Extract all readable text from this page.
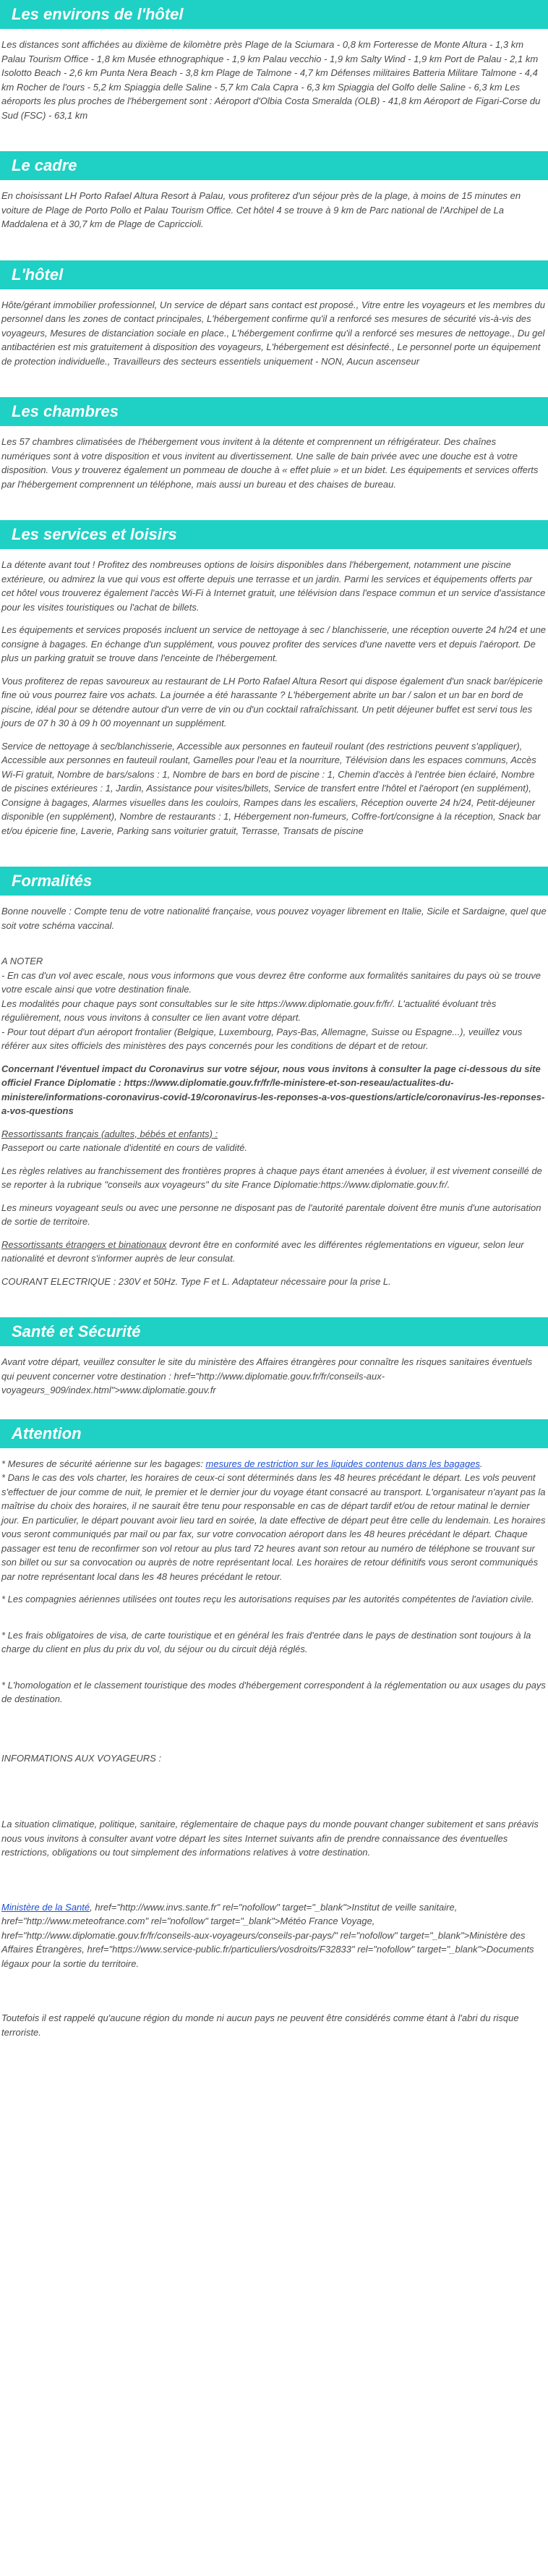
Les environs de l'hôtel

Les distances sont affichées au dixième de kilomètre près Plage de la Sciumara - 0,8 km Forteresse de Monte Altura - 1,3 km Palau Tourism Office - 1,8 km Musée ethnographique - 1,9 km Palau vecchio - 1,9 km Salty Wind - 1,9 km Port de Palau - 2,1 km Isolotto Beach - 2,6 km Punta Nera Beach - 3,8 km Plage de Talmone - 4,7 km Défenses militaires Batteria Militare Talmone - 4,4 km Rocher de l'ours - 5,2 km Spiaggia delle Saline - 5,7 km Cala Capra - 6,3 km Spiaggia del Golfo delle Saline - 6,3 km Les aéroports les plus proches de l'hébergement sont : Aéroport d'Olbia Costa Smeralda (OLB) - 41,8 km Aéroport de Figari-Corse du Sud (FSC) - 63,1 km

Le cadre

En choisissant LH Porto Rafael Altura Resort à Palau, vous profiterez d'un séjour près de la plage, à moins de 15 minutes en voiture de Plage de Porto Pollo et Palau Tourism Office. Cet hôtel 4 se trouve à 9 km de Parc national de l'Archipel de La Maddalena et à 30,7 km de Plage de Capriccioli.

L'hôtel

Hôte/gérant immobilier professionnel, Un service de départ sans contact est proposé., Vitre entre les voyageurs et les membres du personnel dans les zones de contact principales, L'hébergement confirme qu'il a renforcé ses mesures de sécurité vis-à-vis des voyageurs, Mesures de distanciation sociale en place., L'hébergement confirme qu'il a renforcé ses mesures de nettoyage., Du gel antibactérien est mis gratuitement à disposition des voyageurs, L'hébergement est désinfecté., Le personnel porte un équipement de protection individuelle., Travailleurs des secteurs essentiels uniquement - NON, Aucun ascenseur

Les chambres

Les 57 chambres climatisées de l'hébergement vous invitent à la détente et comprennent un réfrigérateur. Des chaînes numériques sont à votre disposition et vous invitent au divertissement. Une salle de bain privée avec une douche est à votre disposition. Vous y trouverez également un pommeau de douche à « effet pluie » et un bidet. Les équipements et services offerts par l'hébergement comprennent un téléphone, mais aussi un bureau et des chaises de bureau.

Les services et loisirs

La détente avant tout ! Profitez des nombreuses options de loisirs disponibles dans l'hébergement, notamment une piscine extérieure, ou admirez la vue qui vous est offerte depuis une terrasse et un jardin. Parmi les services et équipements offerts par cet hôtel vous trouverez également l'accès Wi-Fi à Internet gratuit, une télévision dans l'espace commun et un service d'assistance pour les visites touristiques ou l'achat de billets.

Les équipements et services proposés incluent un service de nettoyage à sec / blanchisserie, une réception ouverte 24 h/24 et une consigne à bagages. En échange d'un supplément, vous pouvez profiter des services d'une navette vers et depuis l'aéroport. De plus un parking gratuit se trouve dans l'enceinte de l'hébergement.

Vous profiterez de repas savoureux au restaurant de LH Porto Rafael Altura Resort qui dispose également d'un snack bar/épicerie fine où vous pourrez faire vos achats. La journée a été harassante ? L'hébergement abrite un bar / salon et un bar en bord de piscine, idéal pour se détendre autour d'un verre de vin ou d'un cocktail rafraîchissant. Un petit déjeuner buffet est servi tous les jours de 07 h 30 à 09 h 00 moyennant un supplément.

Service de nettoyage à sec/blanchisserie, Accessible aux personnes en fauteuil roulant (des restrictions peuvent s'appliquer), Accessible aux personnes en fauteuil roulant, Gamelles pour l'eau et la nourriture, Télévision dans les espaces communs, Accès Wi-Fi gratuit, Nombre de bars/salons : 1, Nombre de bars en bord de piscine : 1, Chemin d'accès à l'entrée bien éclairé, Nombre de piscines extérieures : 1, Jardin, Assistance pour visites/billets, Service de transfert entre l'hôtel et l'aéroport (en supplément), Consigne à bagages, Alarmes visuelles dans les couloirs, Rampes dans les escaliers, Réception ouverte 24 h/24, Petit-déjeuner disponible (en supplément), Nombre de restaurants : 1, Hébergement non-fumeurs, Coffre-fort/consigne à la réception, Snack bar et/ou épicerie fine, Laverie, Parking sans voiturier gratuit, Terrasse, Transats de piscine

Formalités

Bonne nouvelle : Compte tenu de votre nationalité française, vous pouvez voyager librement en Italie, Sicile et Sardaigne, quel que soit votre schéma vaccinal.

A NOTER
- En cas d'un vol avec escale, nous vous informons que vous devrez être conforme aux formalités sanitaires du pays où se trouve votre escale ainsi que votre destination finale.
Les modalités pour chaque pays sont consultables sur le site https://www.diplomatie.gouv.fr/fr/. L'actualité évoluant très régulièrement, nous vous invitons à consulter ce lien avant votre départ.

- Pour tout départ d'un aéroport frontalier (Belgique, Luxembourg, Pays-Bas, Allemagne, Suisse ou Espagne...), veuillez vous référer aux sites officiels des ministères des pays concernés pour les conditions de départ et de retour.

Concernant l'éventuel impact du Coronavirus sur votre séjour, nous vous invitons à consulter la page ci-dessous du site officiel France Diplomatie : https://www.diplomatie.gouv.fr/fr/le-ministere-et-son-reseau/actualites-du-ministere/informations-coronavirus-covid-19/coronavirus-les-reponses-a-vos-questions/article/coronavirus-les-reponses-a-vos-questions

Ressortissants français (adultes, bébés et enfants) :

Passeport ou carte nationale d'identité en cours de validité.

Les règles relatives au franchissement des frontières propres à chaque pays étant amenées à évoluer, il est vivement conseillé de se reporter à la rubrique "conseils aux voyageurs" du site France Diplomatie:https://www.diplomatie.gouv.fr/.

Les mineurs voyageant seuls ou avec une personne ne disposant pas de l'autorité parentale doivent être munis d'une autorisation de sortie de territoire.

Ressortissants étrangers et binationaux devront être en conformité avec les différentes réglementations en vigueur, selon leur nationalité et devront s'informer auprès de leur consulat.

COURANT ELECTRIQUE : 230V et 50Hz. Type F et L. Adaptateur nécessaire pour la prise L.

Santé et Sécurité

Avant votre départ, veuillez consulter le site du ministère des Affaires étrangères pour connaître les risques sanitaires éventuels qui peuvent concerner votre destination : href="http://www.diplomatie.gouv.fr/fr/conseils-aux-voyageurs_909/index.html">www.diplomatie.gouv.fr

Attention
* Mesures de sécurité aérienne sur les bagages: mesures de restriction sur les liquides contenus dans les bagages.

* Dans le cas des vols charter, les horaires de ceux-ci sont déterminés dans les 48 heures précédant le départ. Les vols peuvent s'effectuer de jour comme de nuit, le premier et le dernier jour du voyage étant consacré au transport. L'organisateur n'ayant pas la maîtrise du choix des horaires, il ne saurait être tenu pour responsable en cas de départ tardif et/ou de retour matinal le dernier jour. En particulier, le départ pouvant avoir lieu tard en soirée, la date effective de départ peut être celle du lendemain. Les horaires vous seront communiqués par mail ou par fax, sur votre convocation aéroport dans les 48 heures précédant le départ. Chaque passager est tenu de reconfirmer son vol retour au plus tard 72 heures avant son retour au numéro de téléphone se trouvant sur son billet ou sur sa convocation ou auprès de notre représentant local. Les horaires de retour définitifs vous seront communiqués par notre représentant local dans les 48 heures précédant le retour.

* Les compagnies aériennes utilisées ont toutes reçu les autorisations requises par les autorités compétentes de l'aviation civile.

* Les frais obligatoires de visa, de carte touristique et en général les frais d'entrée dans le pays de destination sont toujours à la charge du client en plus du prix du vol, du séjour ou du circuit déjà réglés.

* L'homologation et le classement touristique des modes d'hébergement correspondent à la réglementation ou aux usages du pays de destination.

INFORMATIONS AUX VOYAGEURS :

La situation climatique, politique, sanitaire, réglementaire de chaque pays du monde pouvant changer subitement et sans préavis nous vous invitons à consulter avant votre départ les sites Internet suivants afin de prendre connaissance des éventuelles restrictions, obligations ou tout simplement des informations relatives à votre destination.

Ministère de la Santé, href="http://www.invs.sante.fr" rel="nofollow" target="_blank">Institut de veille sanitaire, href="http://www.meteofrance.com" rel="nofollow" target="_blank">Météo France Voyage, href="http://www.diplomatie.gouv.fr/fr/conseils-aux-voyageurs/conseils-par-pays/" rel="nofollow" target="_blank">Ministère des Affaires Étrangères, href="https://www.service-public.fr/particuliers/vosdroits/F32833" rel="nofollow" target="_blank">Documents légaux pour la sortie du territoire.

Toutefois il est rappelé qu'aucune région du monde ni aucun pays ne peuvent être considérés comme étant à l'abri du risque terroriste.
